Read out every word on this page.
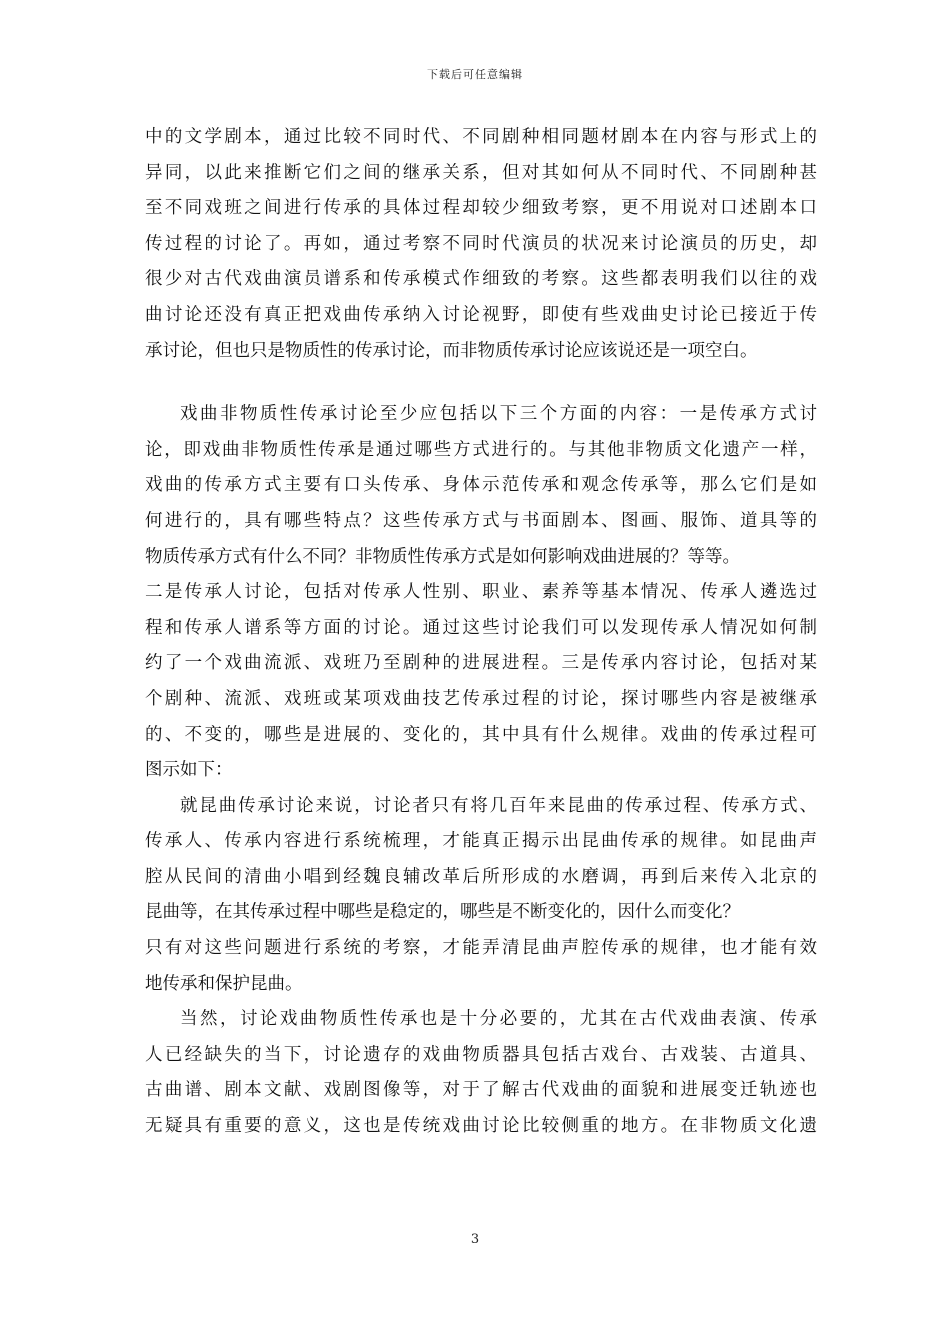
下载后可任意编辑
中的文学剧本，通过比较不同时代、不同剧种相同题材剧本在内容与形式上的
异同，以此来推断它们之间的继承关系，但对其如何从不同时代、不同剧种甚
至不同戏班之间进行传承的具体过程却较少细致考察，更不用说对口述剧本口
传过程的讨论了。再如，通过考察不同时代演员的状况来讨论演员的历史，却
很少对古代戏曲演员谱系和传承模式作细致的考察。这些都表明我们以往的戏
曲讨论还没有真正把戏曲传承纳入讨论视野，即使有些戏曲史讨论已接近于传
承讨论，但也只是物质性的传承讨论，而非物质传承讨论应该说还是一项空白。
戏曲非物质性传承讨论至少应包括以下三个方面的内容：一是传承方式讨
论，即戏曲非物质性传承是通过哪些方式进行的。与其他非物质文化遗产一样，
戏曲的传承方式主要有口头传承、身体示范传承和观念传承等，那么它们是如
何进行的，具有哪些特点？这些传承方式与书面剧本、图画、服饰、道具等的
物质传承方式有什么不同？非物质性传承方式是如何影响戏曲进展的？等等。
二是传承人讨论，包括对传承人性别、职业、素养等基本情况、传承人遴选过
程和传承人谱系等方面的讨论。通过这些讨论我们可以发现传承人情况如何制
约了一个戏曲流派、戏班乃至剧种的进展进程。三是传承内容讨论，包括对某
个剧种、流派、戏班或某项戏曲技艺传承过程的讨论，探讨哪些内容是被继承
的、不变的，哪些是进展的、变化的，其中具有什么规律。戏曲的传承过程可
图示如下：
就昆曲传承讨论来说，讨论者只有将几百年来昆曲的传承过程、传承方式、
传承人、传承内容进行系统梳理，才能真正揭示出昆曲传承的规律。如昆曲声
腔从民间的清曲小唱到经魏良辅改革后所形成的水磨调，再到后来传入北京的
昆曲等，在其传承过程中哪些是稳定的，哪些是不断变化的，因什么而变化？
只有对这些问题进行系统的考察，才能弄清昆曲声腔传承的规律，也才能有效
地传承和保护昆曲。
当然，讨论戏曲物质性传承也是十分必要的，尤其在古代戏曲表演、传承
人已经缺失的当下，讨论遗存的戏曲物质器具包括古戏台、古戏装、古道具、
古曲谱、剧本文献、戏剧图像等，对于了解古代戏曲的面貌和进展变迁轨迹也
无疑具有重要的意义，这也是传统戏曲讨论比较侧重的地方。在非物质文化遗
3
